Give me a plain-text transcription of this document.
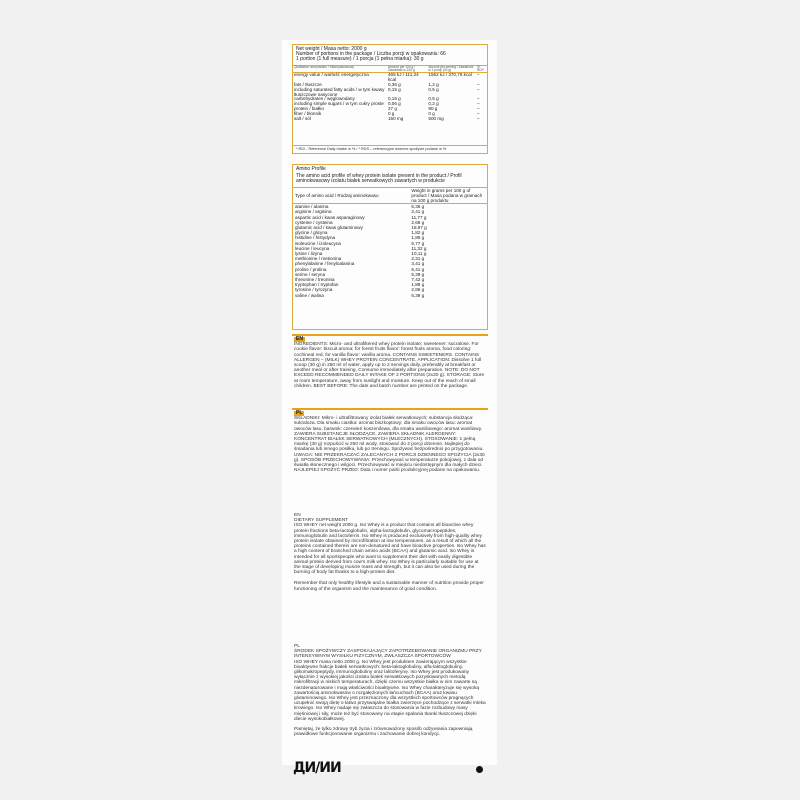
Net weight / Masa netto: 2000 g
Number of portions in the package / Liczba porcji w opakowaniu: 66
1 portion (1 full measure) / 1 porcja (1 pełna miarka): 30 g
Qualitative composition / Skład jakościowy	Amount per 100 g / Zawartość w 100 g	Amount per serving / Zawartość w 1 porcji (30 g)	% RDI*
energy value / wartość energetyczna	465 kJ / 111,24 kcal	1552 kJ / 370,76 kcal	–
fats / tłuszcze	0,36 g	1,2 g	–
including saturated fatty acids / w tym kwasy tłuszczowe nasycone	0,15 g	0,5 g	–
carbohydrates / węglowodany	0,15 g	0,5 g	–
including simple sugars / w tym cukry proste	0,06 g	0,2 g	–
protein / białko	27 g	90 g	–
fiber / błonnik	0 g	0 g	–
salt / sól	150 mg	500 mg	–
* RDI - Reference Daily Intake in % / * RDS – referencyjne dzienne spożycie podane w %
Amino Profile
The amino acid profile of whey protein isolate present in the product / Profil aminokwasowy izolatu białek serwatkowych zawartych w produkcie
Type of amino acid / Rodzaj aminokwasu	Weight in grams per 100 g of product / Masa podana w gramach na 100 g produktu
alanine / alanina	5,36 g
arginine / arginina	2,41 g
aspartic acid / kwas asparaginowy	11,77 g
cysteine / cysteina	2,68 g
glutamic acid / kwas glutaminowy	18,97 g
glycine / glicyna	1,82 g
histidine / histydyna	1,86 g
isoleucine / izoleucyna	6,77 g
leucine / leucyna	11,32 g
lysine / lizyna	10,11 g
methionine / metionina	2,31 g
phenylalanine / fenyloalanina	3,41 g
proline / prolina	6,41 g
serine / seryna	5,39 g
threonine / treonina	7,42 g
tryptophan / tryptofan	1,88 g
tyrosine / tyrozyna	2,86 g
valine / walina	6,39 g
EN

INGREDIENTS: Micro- and ultrafiltered whey protein isolate; sweetener: sucralose. For cookie flavor: biscuit aroma; for forest fruits flavor: forest fruits aroma, food coloring: cochineal red, for vanilla flavor: vanilla aroma. CONTAINS SWEETENERS. CONTAINS ALLERGEN – (MILK) WHEY PROTEIN CONCENTRATE. APPLICATION: Dissolve 1 full scoop (30 g) in 250 ml of water, apply up to 2 servings daily, preferably at breakfast or another meal or after training. Consume immediately after preparation. NOTE: DO NOT EXCEED RECOMMENDED DAILY INTAKE OF 2 PORTIONS (2x30 g). STORAGE: Store at room temperature, away from sunlight and moisture. Keep out of the reach of small children. BEST BEFORE: The date and batch number are printed on the package.

PL

SKŁADNIKI: Mikro- i ultrafiltrowany izolat białek serwatkowych; substancja słodząca: sukraloza. Dla smaku ciastka: aromat biszkoptowy; dla smaku owoców lasu: aromat owoców lasu, barwnik: czerwień koszenilowa, dla smaku waniliowego: aromat waniliowy. ZAWIERA SUBSTANCJE SŁODZĄCE. ZAWIERA SKŁADNIK ALERGENNY: KONCENTRAT BIAŁEK SERWATKOWYCH (MLECZNYCH). STOSOWANIE: 1 pełną miarkę (30 g) rozpuścić w 250 ml wody, stosować do 2 porcji dziennie. Najlepiej do śniadania lub innego posiłku, lub po treningu. Spożywać bezpośrednio po przygotowaniu. UWAGA: NIE PRZEKRACZAĆ ZALECANYCH 2 PORCJI DZIENNEGO SPOŻYCIA (2x30 g). SPOSÓB PRZECHOWYWANIA: Przechowywać w temperaturze pokojowej, z dala od światła słonecznego i wilgoci. Przechowywać w miejscu niedostępnym dla małych dzieci. NAJLEPIEJ SPOŻYĆ PRZED: Data i numer partii produkcyjnej podane na opakowaniu.

EN

DIETARY SUPPLEMENT

ISO WHEY net weight 2000 g. Iso Whey is a product that contains all bioactive whey protein fractions beta-lactoglobulin, alpha-lactoglobulin, glycomacropeptides, immunoglobulin and lactoferrin. Iso Whey is produced exclusively from high-quality whey protein isolate obtained by microfiltration at low temperatures, as a result of which all the proteins contained therein are non-denatured and have bioactive properties. Iso Whey has a high content of branched chain amino acids (BCAA) and glutamic acid. Iso Whey is intended for all sportspeople who want to supplement their diet with easily digestible animal protein derived from cow's milk whey. Iso Whey is particularly suitable for use at the stage of developing muscle mass and strength, but it can also be used during the burning of body fat thanks to a high-protein diet.

Remember that only healthy lifestyle and a sustainable manner of nutrition provide proper functioning of the organism and the maintenance of good condition.

PL

ŚRODEK SPOŻYWCZY ZASPOKAJAJĄCY ZAPOTRZEBOWANIE ORGANIZMU PRZY INTENSYWNYM WYSIŁKU FIZYCZNYM, ZWŁASZCZA SPORTOWCÓW

ISO WHEY masa netto 2000 g. Iso Whey jest produktem zawierającym wszystkie bioaktywne frakcje białek serwatkowych: beta-laktoglobuliny, alfa-laktoglobuliny, glikomakropeptydy, immunoglobuliny oraz laktoferynę. Iso Whey jest produkowany wyłącznie z wysokiej jakości izolatu białek serwatkowych pozyskiwanych metodą mikrofiltracji w niskich temperaturach, dzięki czemu wszystkie białka w nim zawarte są niezdenaturowane i mają właściwości bioaktywne. Iso Whey charakteryzuje się wysoką zawartością aminokwasów o rozgałęzionych łańcuchach (BCAA) oraz kwasu glutaminowego. Iso Whey jest przeznaczony dla wszystkich sportowców pragnących uzupełnić swoją dietę o łatwo przyswajalne białka zwierzęce pochodzące z serwatki mleka krowiego. Iso Whey nadaje się zwłaszcza do stosowania w fazie rozbudowy masy mięśniowej i siły, może też być stosowany na etapie spalania tkanki tłuszczowej dzięki diecie wysokobiałkowej.

Pamiętaj, że tylko zdrowy tryb życia i zrównoważony sposób odżywiania zapewniają prawidłowe funkcjonowanie organizmu i zachowanie dobrej kondycji.

ДИ/ИИ
